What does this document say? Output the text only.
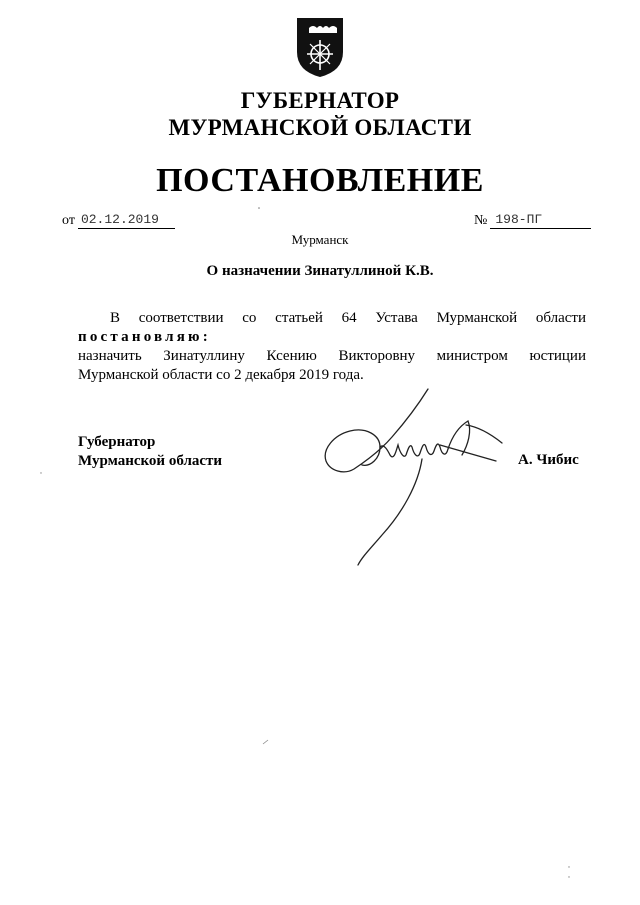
ГУБЕРНАТОР
МУРМАНСКОЙ ОБЛАСТИ
ПОСТАНОВЛЕНИЕ
от 02.12.2019	№ 198-ПГ
Мурманск
О назначении Зинатуллиной К.В.
В соответствии со статьей 64 Устава Мурманской области
постановляю:
назначить Зинатуллину Ксению Викторовну министром юстиции
Мурманской области со 2 декабря 2019 года.
Губернатор
Мурманской области	А. Чибис
